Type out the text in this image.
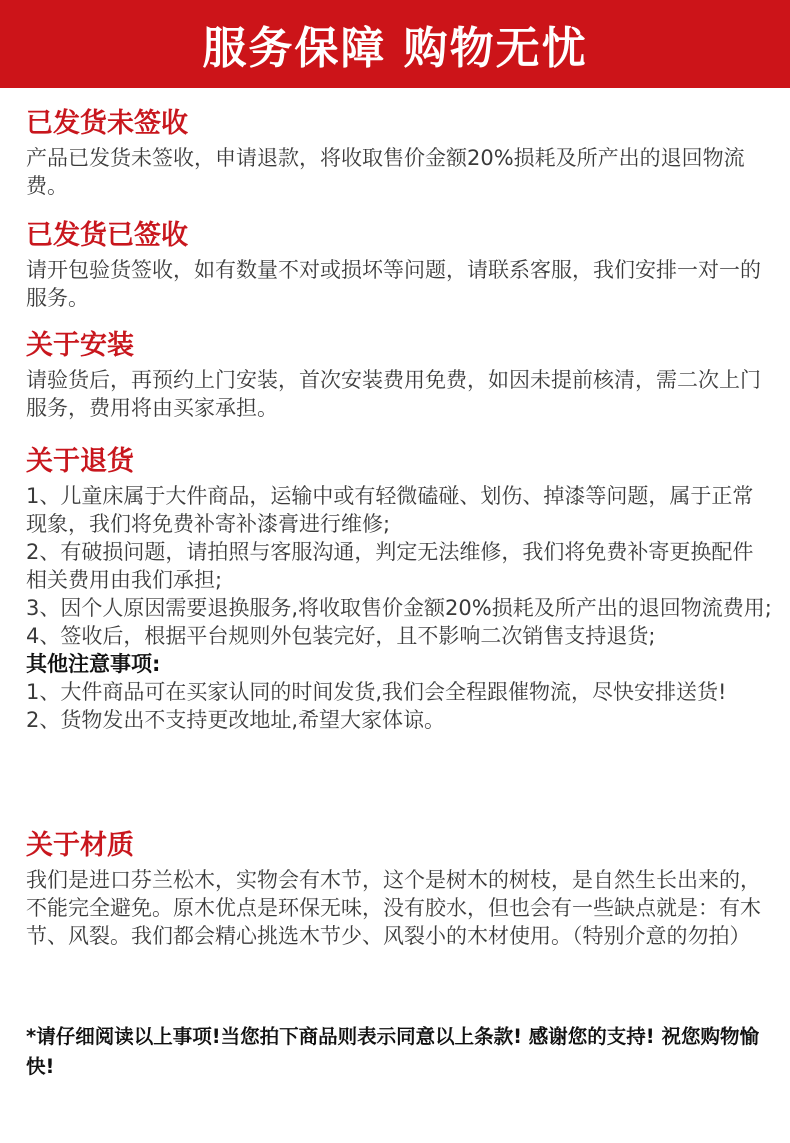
服务保障 购物无忧
已发货未签收

产品已发货未签收，申请退款，将收取售价金额20%损耗及所产出的退回物流费。

已发货已签收

请开包验货签收，如有数量不对或损坏等问题，请联系客服，我们安排一对一的服务。

关于安装

请验货后，再预约上门安装，首次安装费用免费，如因未提前核清，需二次上门服务，费用将由买家承担。

关于退货

1、儿童床属于大件商品，运输中或有轻微磕碰、划伤、掉漆等问题，属于正常现象，我们将免费补寄补漆膏进行维修;

2、有破损问题，请拍照与客服沟通，判定无法维修，我们将免费补寄更换配件相关费用由我们承担;

3、因个人原因需要退换服务,将收取售价金额20%损耗及所产出的退回物流费用;

4、签收后，根据平台规则外包装完好，且不影响二次销售支持退货;

其他注意事项:

1、大件商品可在买家认同的时间发货,我们会全程跟催物流，尽快安排送货!

2、货物发出不支持更改地址,希望大家体谅。

关于材质

我们是进口芬兰松木，实物会有木节，这个是树木的树枝，是自然生长出来的，不能完全避免。原木优点是环保无味，没有胶水，但也会有一些缺点就是：有木节、风裂。我们都会精心挑选木节少、风裂小的木材使用。（特别介意的勿拍）

*请仔细阅读以上事项!当您拍下商品则表示同意以上条款! 感谢您的支持! 祝您购物愉快!
